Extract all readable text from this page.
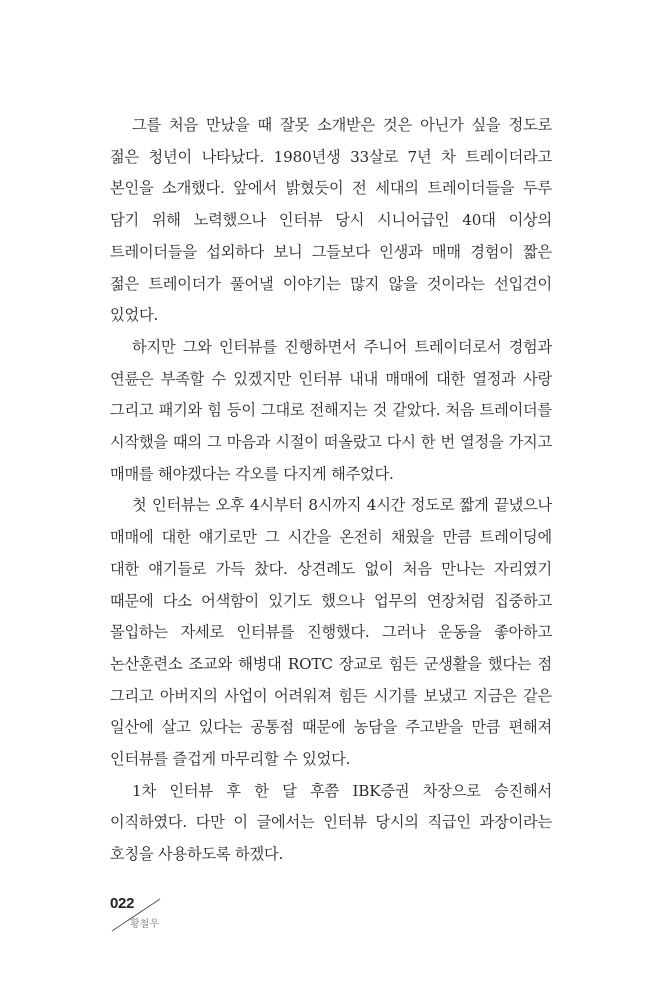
그를 처음 만났을 때 잘못 소개받은 것은 아닌가 싶을 정도로 젊은 청년이 나타났다. 1980년생 33살로 7년 차 트레이더라고 본인을 소개했다. 앞에서 밝혔듯이 전 세대의 트레이더들을 두루 담기 위해 노력했으나 인터뷰 당시 시니어급인 40대 이상의 트레이더들을 섭외하다 보니 그들보다 인생과 매매 경험이 짧은 젊은 트레이더가 풀어낼 이야기는 많지 않을 것이라는 선입견이 있었다.

하지만 그와 인터뷰를 진행하면서 주니어 트레이더로서 경험과 연륜은 부족할 수 있겠지만 인터뷰 내내 매매에 대한 열정과 사랑 그리고 패기와 힘 등이 그대로 전해지는 것 같았다. 처음 트레이더를 시작했을 때의 그 마음과 시절이 떠올랐고 다시 한 번 열정을 가지고 매매를 해야겠다는 각오를 다지게 해주었다.

첫 인터뷰는 오후 4시부터 8시까지 4시간 정도로 짧게 끝냈으나 매매에 대한 얘기로만 그 시간을 온전히 채웠을 만큼 트레이딩에 대한 얘기들로 가득 찼다. 상견례도 없이 처음 만나는 자리였기 때문에 다소 어색함이 있기도 했으나 업무의 연장처럼 집중하고 몰입하는 자세로 인터뷰를 진행했다. 그러나 운동을 좋아하고 논산훈련소 조교와 해병대 ROTC 장교로 힘든 군생활을 했다는 점 그리고 아버지의 사업이 어려워져 힘든 시기를 보냈고 지금은 같은 일산에 살고 있다는 공통점 때문에 농담을 주고받을 만큼 편해져 인터뷰를 즐겁게 마무리할 수 있었다.

1차 인터뷰 후 한 달 후쯤 IBK증권 차장으로 승진해서 이직하였다. 다만 이 글에서는 인터뷰 당시의 직급인 과장이라는 호칭을 사용하도록 하겠다.

022
황철우
